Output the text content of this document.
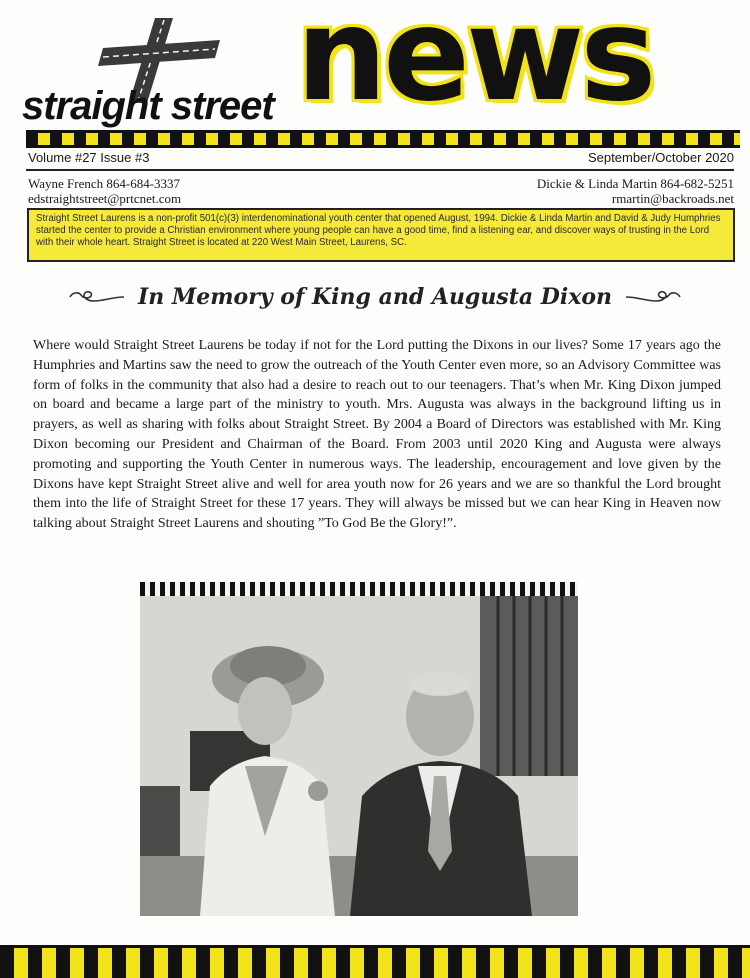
straight street news
Volume #27 Issue #3	September/October 2020
Wayne French 864-684-3337	Dickie & Linda Martin 864-682-5251
edstraightstreet@prtcnet.com	rmartin@backroads.net
Straight Street Laurens is a non-profit 501(c)(3) interdenominational youth center that opened August, 1994. Dickie & Linda Martin and David & Judy Humphries started the center to provide a Christian environment where young people can have a good time, find a listening ear, and discover ways of trusting in the Lord with their whole heart. Straight Street is located at 220 West Main Street, Laurens, SC.
In Memory of King and Augusta Dixon

Where would Straight Street Laurens be today if not for the Lord putting the Dixons in our lives? Some 17 years ago the Humphries and Martins saw the need to grow the outreach of the Youth Center even more, so an Advisory Committee was form of folks in the community that also had a desire to reach out to our teenagers. That’s when Mr. King Dixon jumped on board and became a large part of the ministry to youth. Mrs. Augusta was always in the background lifting us in prayers, as well as sharing with folks about Straight Street. By 2004 a Board of Directors was established with Mr. King Dixon becoming our President and Chairman of the Board. From 2003 until 2020 King and Augusta were always promoting and supporting the Youth Center in numerous ways. The leadership, encouragement and love given by the Dixons have kept Straight Street alive and well for area youth now for 26 years and we are so thankful the Lord brought them into the life of Straight Street for these 17 years. They will always be missed but we can hear King in Heaven now talking about Straight Street Laurens and shouting ”To God Be the Glory!”.
